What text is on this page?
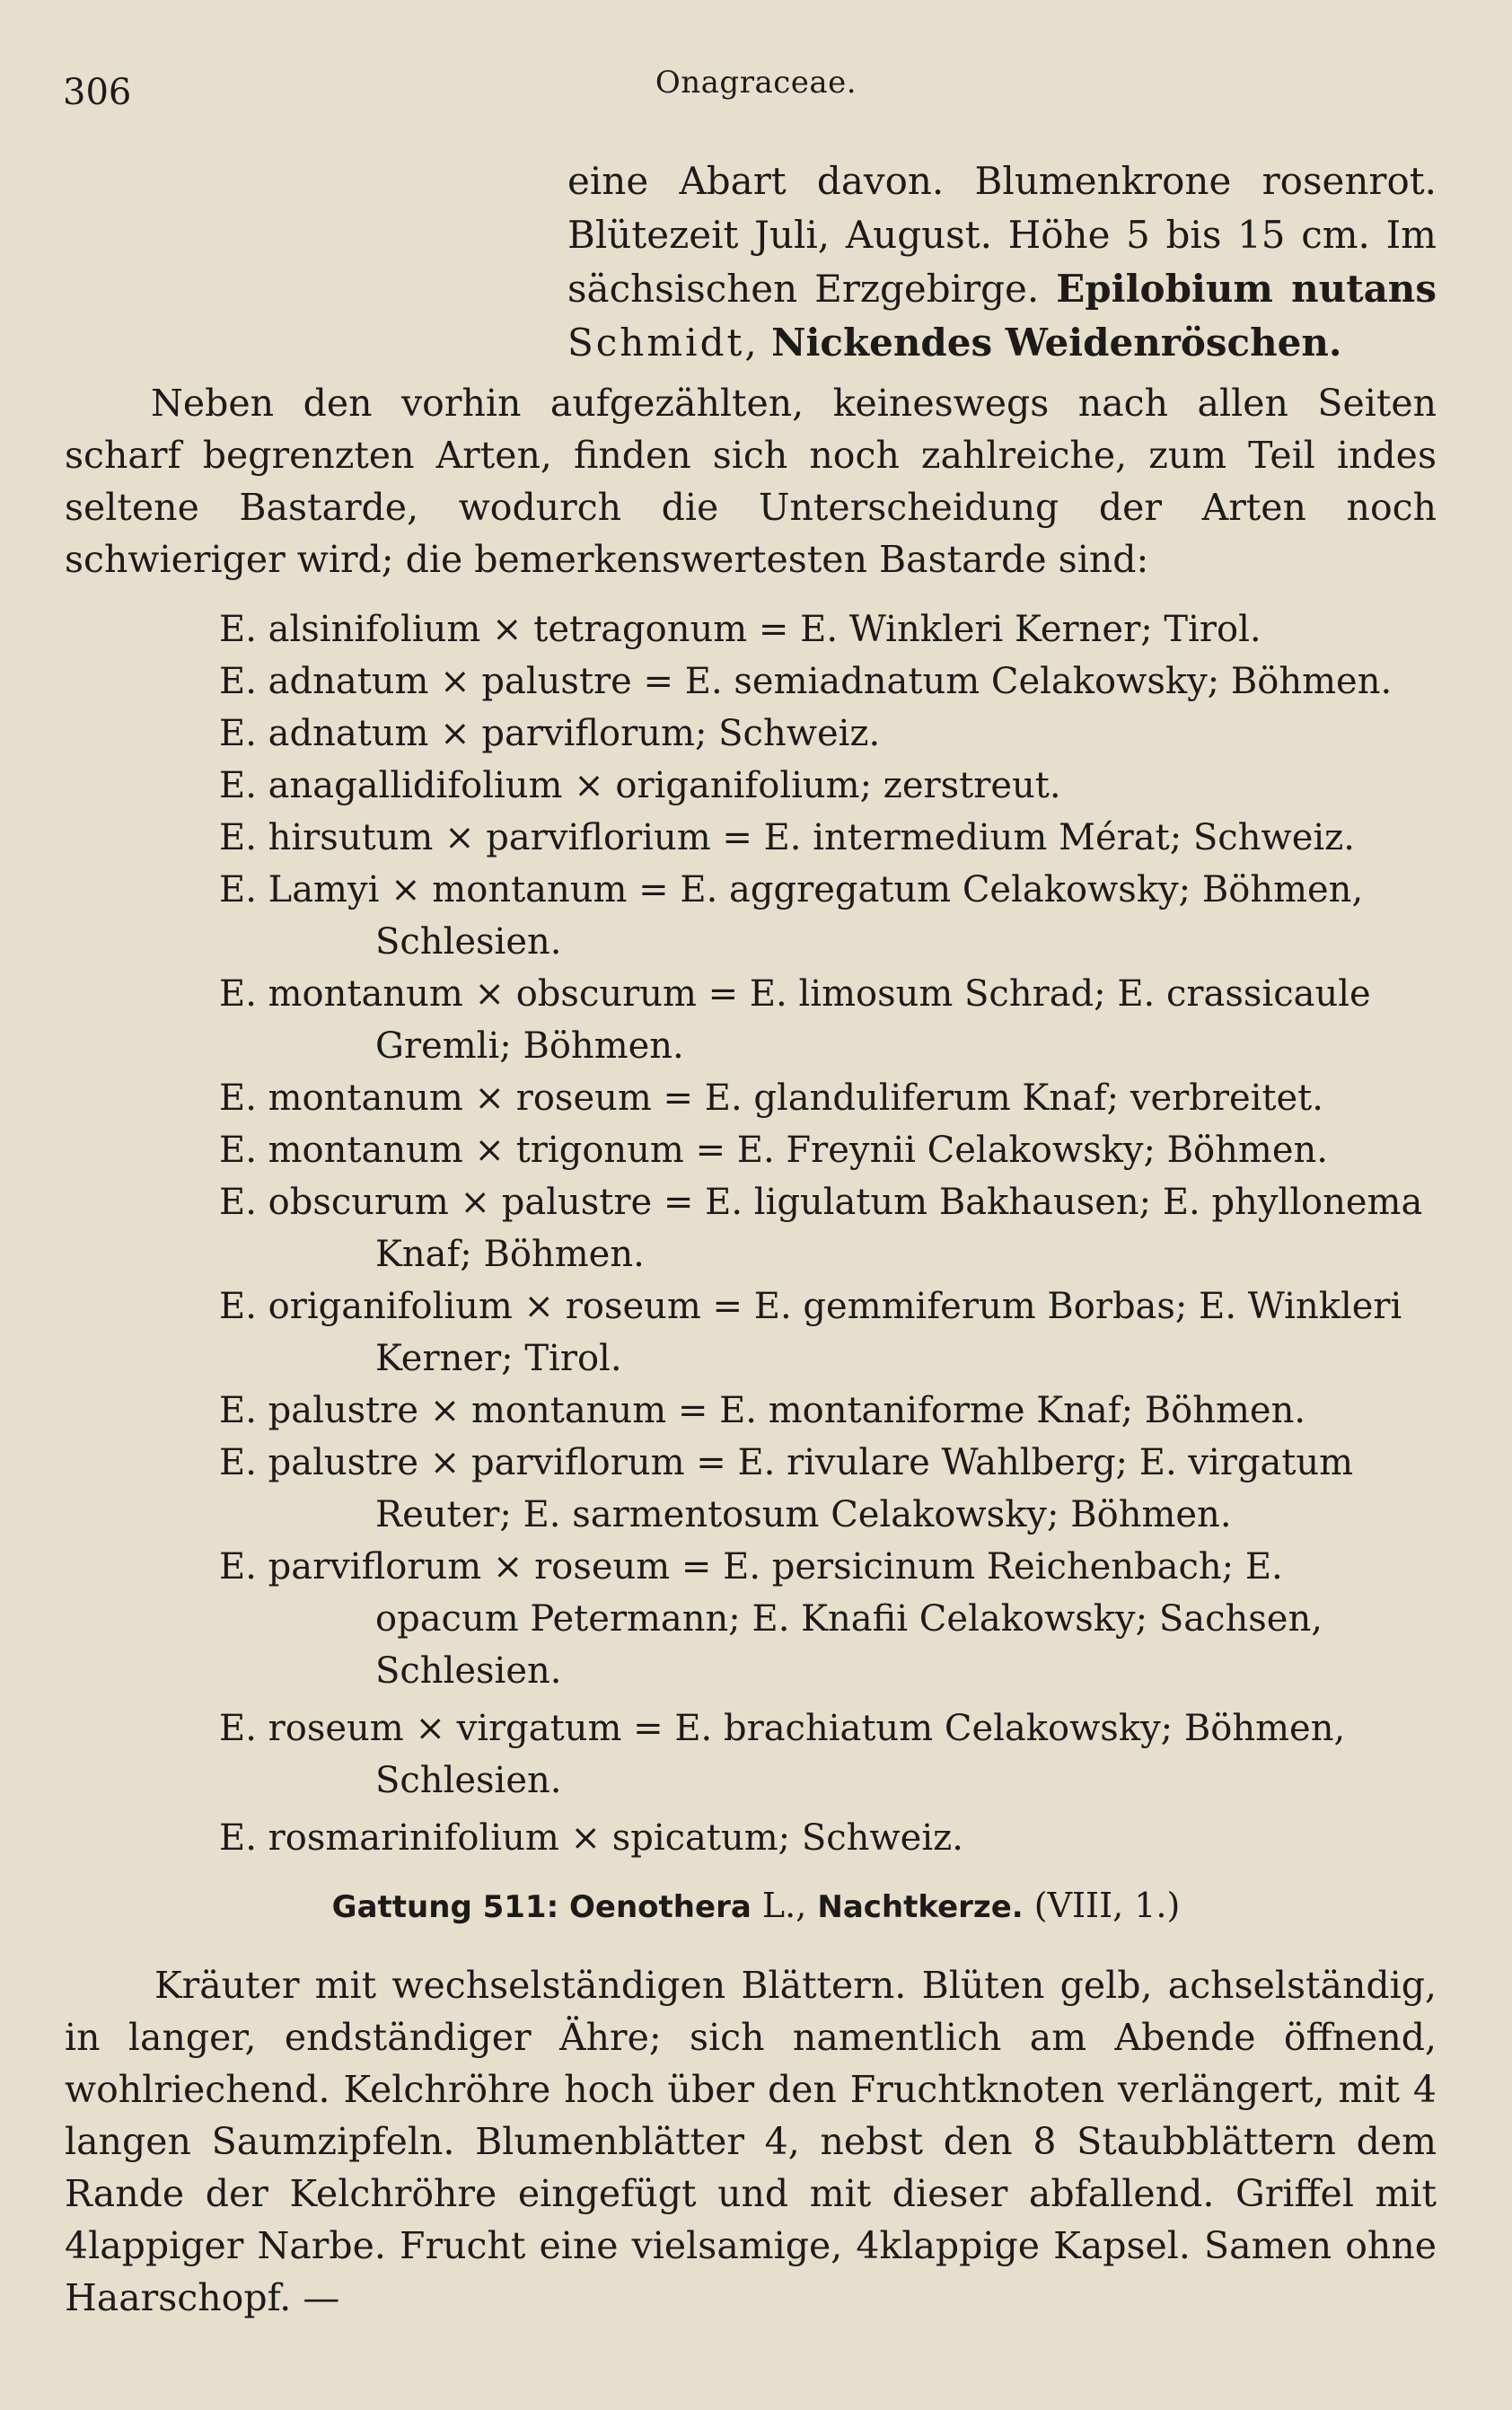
306	Onagraceae.

eine Abart davon. Blumenkrone rosenrot. Blütezeit Juli, August. Höhe 5 bis 15 cm. Im sächsischen Erzgebirge. Epilobium nutans Schmidt, Nickendes Weidenröschen.

Neben den vorhin aufgezählten, keineswegs nach allen Seiten scharf begrenzten Arten, finden sich noch zahlreiche, zum Teil indes seltene Bastarde, wodurch die Unterscheidung der Arten noch schwieriger wird; die bemerkenswertesten Bastarde sind:

E. alsinifolium × tetragonum = E. Winkleri Kerner; Tirol.
E. adnatum × palustre = E. semiadnatum Celakowsky; Böhmen.
E. adnatum × parviflorum; Schweiz.
E. anagallidifolium × origanifolium; zerstreut.
E. hirsutum × parviflorium = E. intermedium Mérat; Schweiz.
E. Lamyi × montanum = E. aggregatum Celakowsky; Böhmen, Schlesien.
E. montanum × obscurum = E. limosum Schrad; E. crassicaule Gremli; Böhmen.
E. montanum × roseum = E. glanduliferum Knaf; verbreitet.
E. montanum × trigonum = E. Freynii Celakowsky; Böhmen.
E. obscurum × palustre = E. ligulatum Bakhausen; E. phyllonema Knaf; Böhmen.
E. origanifolium × roseum = E. gemmiferum Borbas; E. Winkleri Kerner; Tirol.
E. palustre × montanum = E. montaniforme Knaf; Böhmen.
E. palustre × parviflorum = E. rivulare Wahlberg; E. virgatum Reuter; E. sarmentosum Celakowsky; Böhmen.
E. parviflorum × roseum = E. persicinum Reichenbach; E. opacum Petermann; E. Knafii Celakowsky; Sachsen, Schlesien.
E. roseum × virgatum = E. brachiatum Celakowsky; Böhmen, Schlesien.
E. rosmarinifolium × spicatum; Schweiz.
Gattung 511: Oenothera L., Nachtkerze. (VIII, 1.)

Kräuter mit wechselständigen Blättern. Blüten gelb, achselständig, in langer, endständiger Ähre; sich namentlich am Abende öffnend, wohlriechend. Kelchröhre hoch über den Fruchtknoten verlängert, mit 4 langen Saumzipfeln. Blumenblätter 4, nebst den 8 Staubblättern dem Rande der Kelchröhre eingefügt und mit dieser abfallend. Griffel mit 4lappiger Narbe. Frucht eine vielsamige, 4klappige Kapsel. Samen ohne Haarschopf. —
